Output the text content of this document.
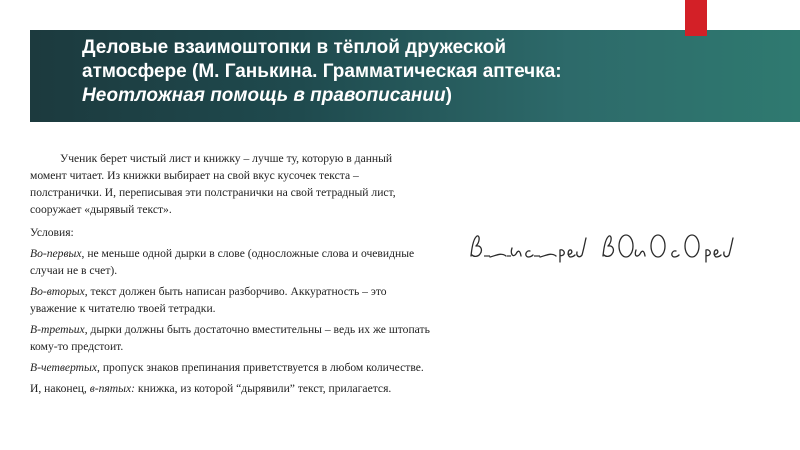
Деловые взаимоштопки в тёплой дружеской
атмосфере (М. Ганькина. Грамматическая аптечка:
Неотложная помощь в правописании)

Ученик берет чистый лист и книжку – лучше ту, которую в данный момент читает. Из книжки выбирает на свой вкус кусочек текста – полстранички. И, переписывая эти полстранички на свой тетрадный лист, сооружает «дырявый текст».

Условия:

Во-первых, не меньше одной дырки в слове (односложные слова и очевидные случаи не в счет).

Во-вторых, текст должен быть написан разборчиво. Аккуратность – это уважение к читателю твоей тетрадки.

В-третьих, дырки должны быть достаточно вместительны – ведь их же штопать кому-то предстоит.

В-четвертых, пропуск знаков препинания приветствуется в любом количестве.

И, наконец, в-пятых: книжка, из которой “дырявили” текст, прилагается.
